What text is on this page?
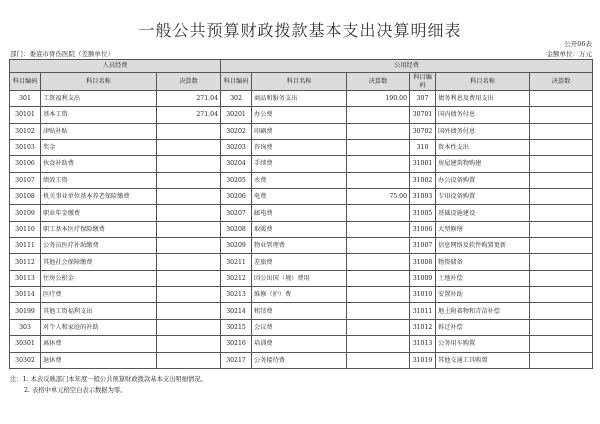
一般公共预算财政拨款基本支出决算明细表
公开06表
部门：娄底市骨伤医院（差额单位）	金额单位：万元
人员经费			公用经费					
科目编码	科目名称	决算数	科目编码	科目名称	决算数	科目编码	科目名称	决算数
301	工资福利支出	271.04	302	商品和服务支出	190.00	307	债务利息及费用支出	
30101	基本工资	271.04	30201	办公费		30701	国内债务付息	
30102	津贴补贴		30202	印刷费		30702	国外债务付息	
30103	奖金		30203	咨询费		310	资本性支出	
30106	伙食补助费		30204	手续费		31001	房屋建筑物购建	
30107	绩效工资		30205	水费		31002	办公设备购置	
30108	机关事业单位基本养老保险缴费		30206	电费	75.00	31003	专用设备购置	
30109	职业年金缴费		30207	邮电费		31005	基础设施建设	
30110	职工基本医疗保险缴费		30208	取暖费		31006	大型修缮	
30111	公务员医疗补助缴费		30209	物业管理费		31007	信息网络及软件购置更新	
30112	其他社会保障缴费		30211	差旅费		31008	物资储备	
30113	住房公积金		30212	因公出国（境）费用		31009	土地补偿	
30114	医疗费		30213	维修（护）费		31010	安置补助	
30199	其他工资福利支出		30214	租赁费		31011	地上附着物和青苗补偿	
303	对个人和家庭的补助		30215	会议费		31012	拆迁补偿	
30301	离休费		30216	培训费		31013	公务用车购置	
30302	退休费		30217	公务接待费		31019	其他交通工具购置	
注：1. 本表反映部门本年度一般公共预算财政拨款基本支出明细情况。
2. 表格中单元格空白表示数据为零。
